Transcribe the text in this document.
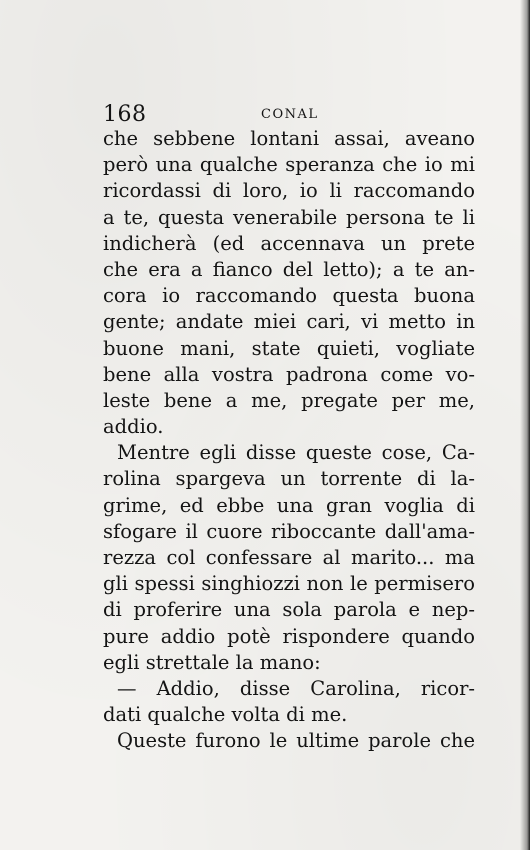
168	CONAL
che sebbene lontani assai, aveano
però una qualche speranza che io mi
ricordassi di loro, io li raccomando
a te, questa venerabile persona te li
indicherà (ed accennava un prete
che era a fianco del letto); a te an-
cora io raccomando questa buona
gente; andate miei cari, vi metto in
buone mani, state quieti, vogliate
bene alla vostra padrona come vo-
leste bene a me, pregate per me,
addio.
Mentre egli disse queste cose, Ca-
rolina spargeva un torrente di la-
grime, ed ebbe una gran voglia di
sfogare il cuore riboccante dall'ama-
rezza col confessare al marito... ma
gli spessi singhiozzi non le permisero
di proferire una sola parola e nep-
pure addio potè rispondere quando
egli strettale la mano:
— Addio, disse Carolina, ricor-
dati qualche volta di me.
Queste furono le ultime parole che
